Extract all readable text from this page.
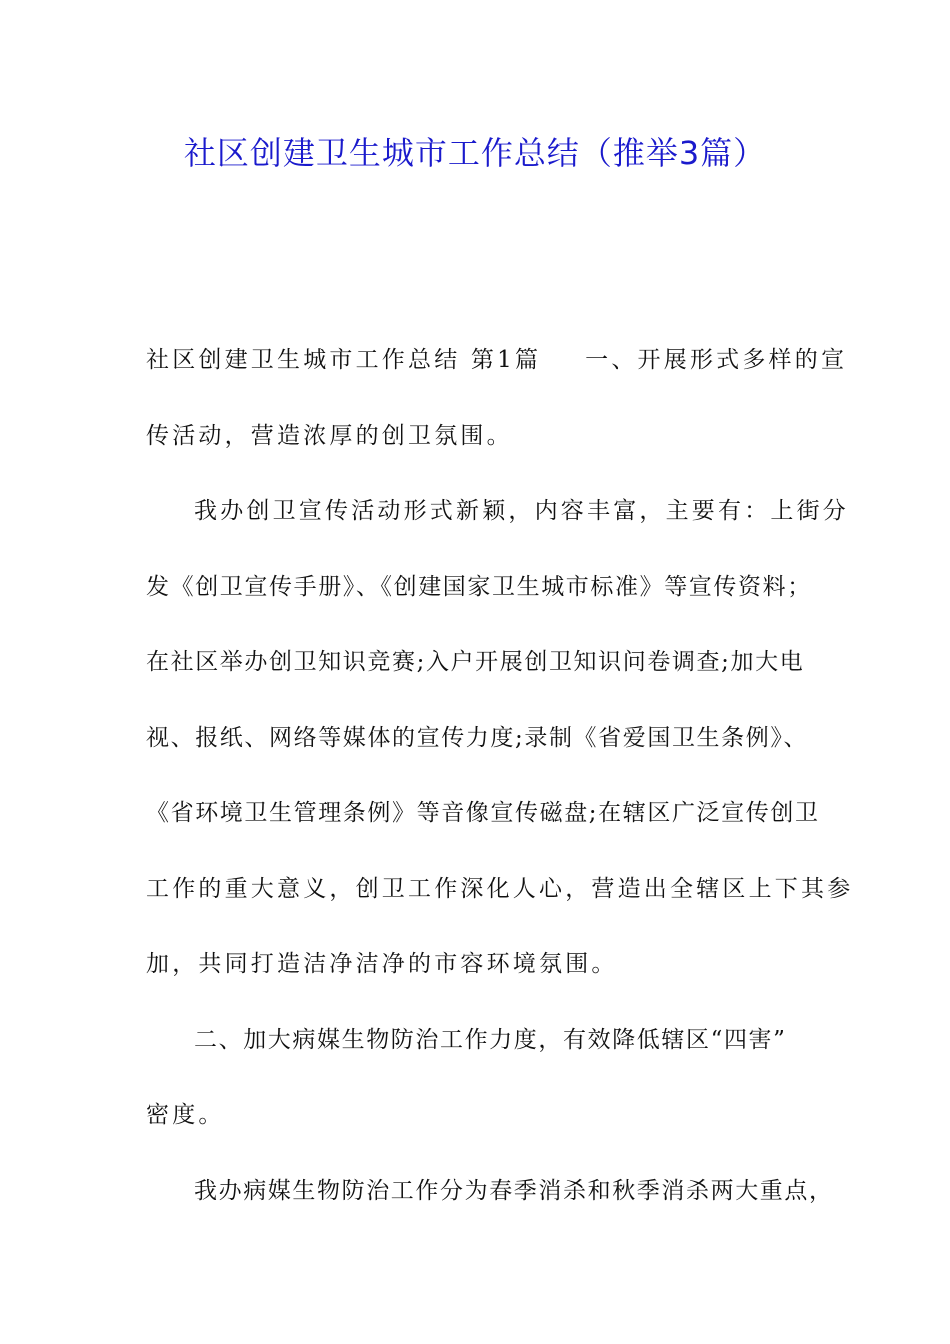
社区创建卫生城市工作总结（推举3篇）
社区创建卫生城市工作总结 第1篇 一、开展形式多样的宣
传活动，营造浓厚的创卫氛围。
我办创卫宣传活动形式新颖，内容丰富，主要有：上街分
发《创卫宣传手册》、《创建国家卫生城市标准》等宣传资料；
在社区举办创卫知识竞赛;入户开展创卫知识问卷调查;加大电
视、报纸、网络等媒体的宣传力度;录制《省爱国卫生条例》、
《省环境卫生管理条例》等音像宣传磁盘;在辖区广泛宣传创卫
工作的重大意义，创卫工作深化人心，营造出全辖区上下其参
加，共同打造洁净洁净的市容环境氛围。
二、加大病媒生物防治工作力度，有效降低辖区“四害”
密度。
我办病媒生物防治工作分为春季消杀和秋季消杀两大重点，
